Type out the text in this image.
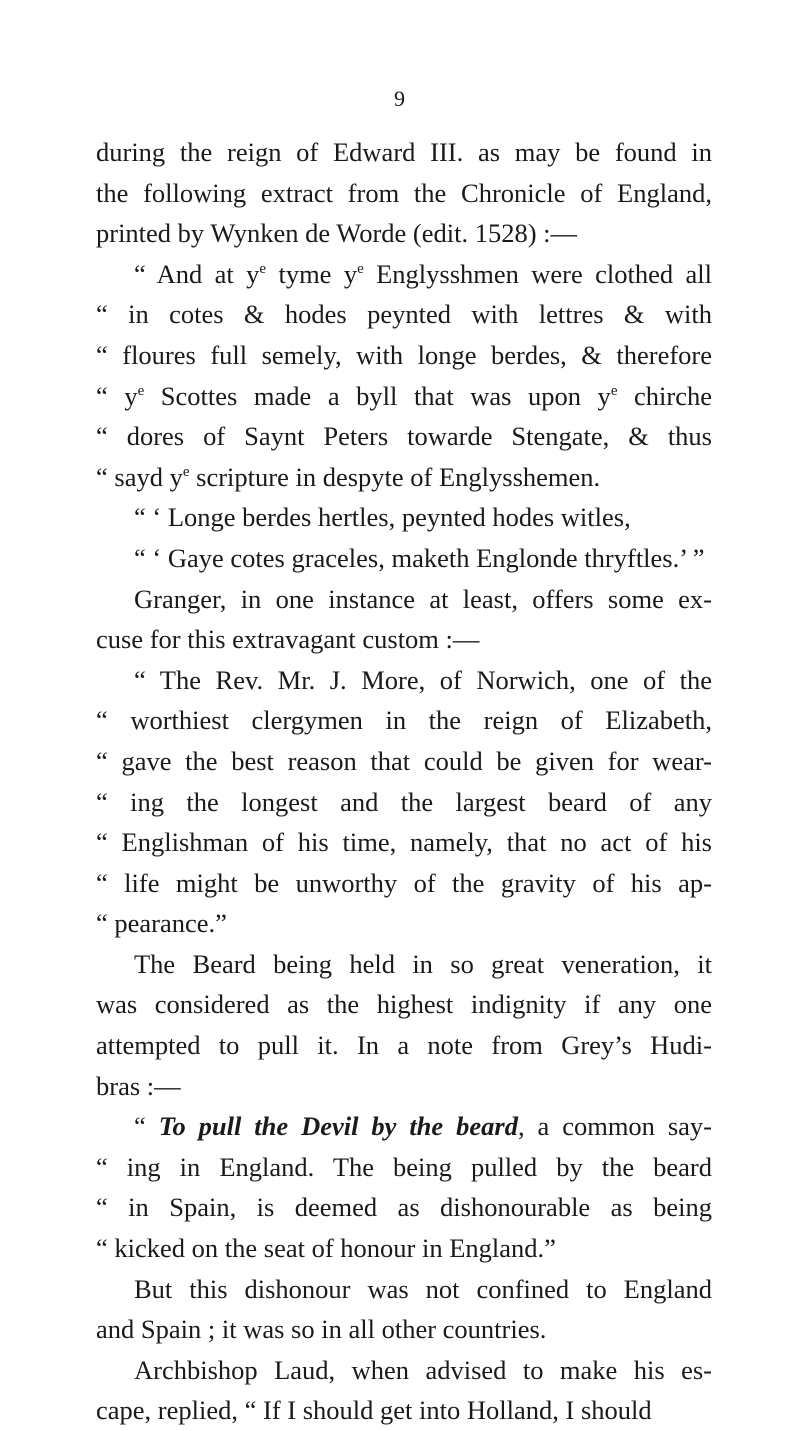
9
during the reign of Edward III. as may be found in
the following extract from the Chronicle of England,
printed by Wynken de Worde (edit. 1528) :—
“ And at $y^e$ tyme $y^e$ Englysshmen were clothed all
“ in cotes & hodes peynted with lettres & with
“ floures full semely, with longe berdes, & therefore
“ $y^e$ Scottes made a byll that was upon $y^e$ chirche
“ dores of Saynt Peters towarde Stengate, & thus
“ sayd $y^e$ scripture in despyte of Englysshemen.
“ ‘ Longe berdes hertles, peynted hodes witles,
“ ‘ Gaye cotes graceles, maketh Englonde thryftles.’ ”
Granger, in one instance at least, offers some ex-
cuse for this extravagant custom :—
“ The Rev. Mr. J. More, of Norwich, one of the
“ worthiest clergymen in the reign of Elizabeth,
“ gave the best reason that could be given for wear-
“ ing the longest and the largest beard of any
“ Englishman of his time, namely, that no act of his
“ life might be unworthy of the gravity of his ap-
“ pearance.”
The Beard being held in so great veneration, it
was considered as the highest indignity if any one
attempted to pull it. In a note from Grey’s Hudi-
bras :—
“ To pull the Devil by the beard, a common say-
“ ing in England. The being pulled by the beard
“ in Spain, is deemed as dishonourable as being
“ kicked on the seat of honour in England.”
But this dishonour was not confined to England
and Spain ; it was so in all other countries.
Archbishop Laud, when advised to make his es-
cape, replied, “ If I should get into Holland, I should
